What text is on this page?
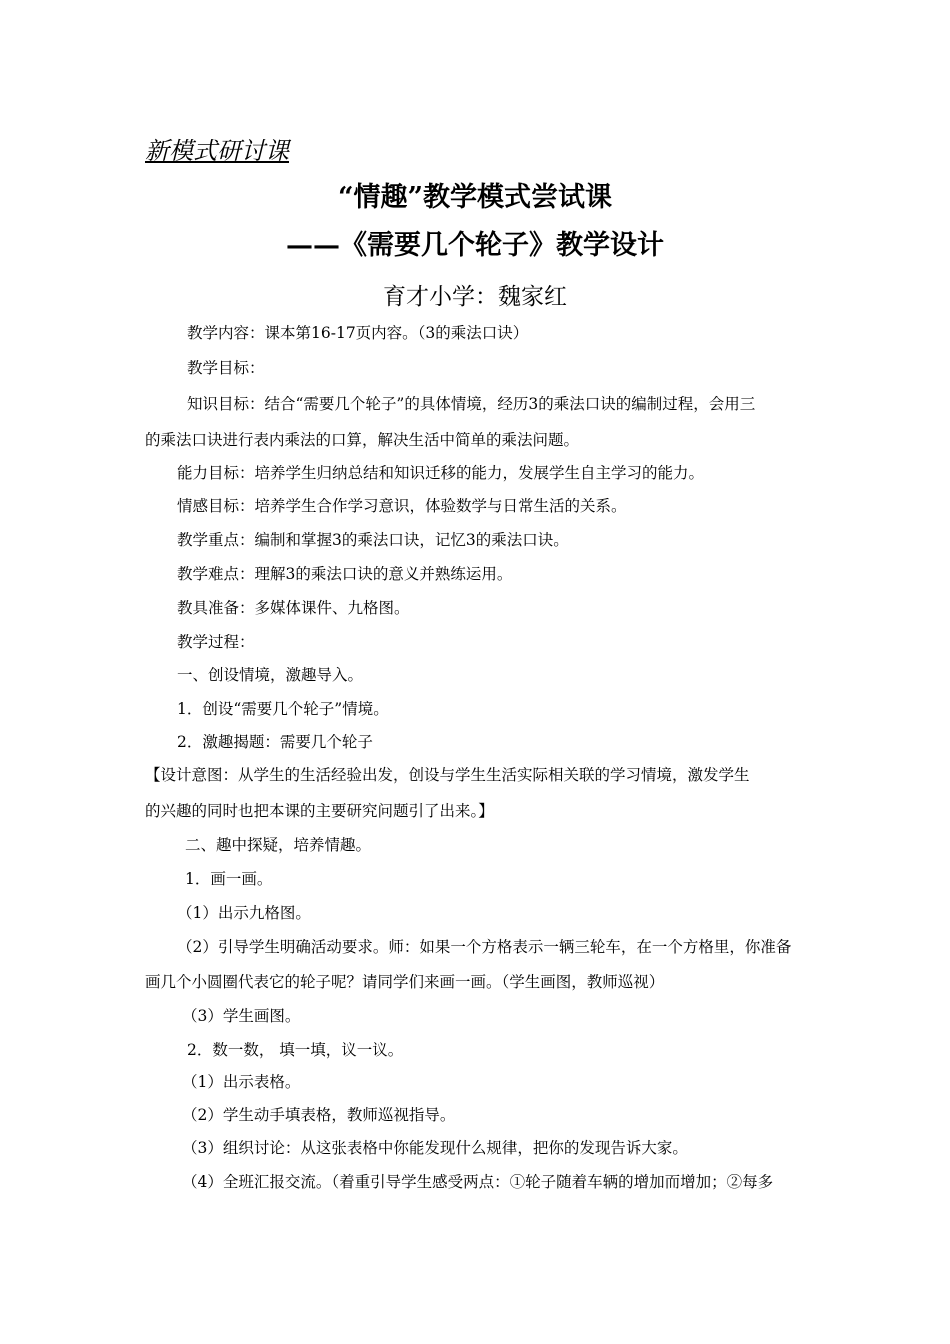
新模式研讨课
“情趣”教学模式尝试课
——《需要几个轮子》教学设计
育才小学：魏家红
教学内容：课本第16-17页内容。（3的乘法口诀）
教学目标：
知识目标：结合“需要几个轮子”的具体情境，经历3的乘法口诀的编制过程，会用三
的乘法口诀进行表内乘法的口算，解决生活中简单的乘法问题。
能力目标：培养学生归纳总结和知识迁移的能力，发展学生自主学习的能力。
情感目标：培养学生合作学习意识，体验数学与日常生活的关系。
教学重点：编制和掌握3的乘法口诀，记忆3的乘法口诀。
教学难点：理解3的乘法口诀的意义并熟练运用。
教具准备：多媒体课件、九格图。
教学过程：
一、创设情境，激趣导入。
1．创设“需要几个轮子”情境。
2．激趣揭题：需要几个轮子
【设计意图：从学生的生活经验出发，创设与学生生活实际相关联的学习情境，激发学生
的兴趣的同时也把本课的主要研究问题引了出来。】
二、趣中探疑，培养情趣。
1．画一画。
（1）出示九格图。
（2）引导学生明确活动要求。师：如果一个方格表示一辆三轮车，在一个方格里，你准备
画几个小圆圈代表它的轮子呢？请同学们来画一画。（学生画图，教师巡视）
（3）学生画图。
2．数一数， 填一填，议一议。
（1）出示表格。
（2）学生动手填表格，教师巡视指导。
（3）组织讨论：从这张表格中你能发现什么规律，把你的发现告诉大家。
（4）全班汇报交流。（着重引导学生感受两点：①轮子随着车辆的增加而增加；②每多
